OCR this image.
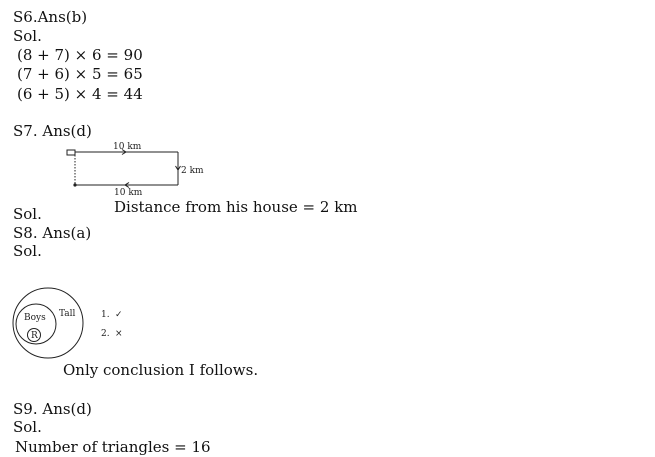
S6.Ans(b)
Sol.
(8 + 7) × 6 = 90
(7 + 6) × 5 = 65
(6 + 5) × 4 = 44
S7. Ans(d)
10 km
2 km
10 km
Distance from his house = 2 km
Sol.
S8. Ans(a)
Sol.
Tall
Boys
R
1. ✓
2. ×
Only conclusion I follows.
S9. Ans(d)
Sol.
Number of triangles = 16
